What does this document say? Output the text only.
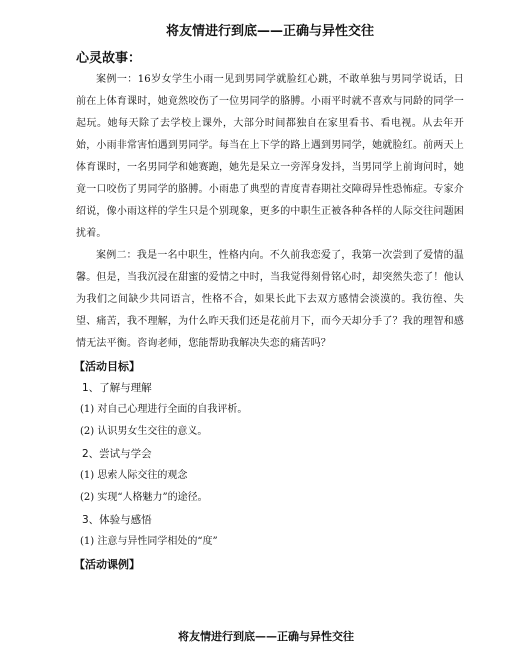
将友情进行到底——正确与异性交往
心灵故事：

案例一：16岁女学生小雨一见到男同学就脸红心跳，不敢单独与男同学说话，日前在上体育课时，她竟然咬伤了一位男同学的胳膊。小雨平时就不喜欢与同龄的同学一起玩。她每天除了去学校上课外，大部分时间都独自在家里看书、看电视。从去年开始，小雨非常害怕遇到男同学。每当在上下学的路上遇到男同学，她就脸红。前两天上体育课时，一名男同学和她赛跑，她先是呆立一旁浑身发抖，当男同学上前询问时，她竟一口咬伤了男同学的胳膊。小雨患了典型的青度青春期社交障碍异性恐怖症。专家介绍说，像小雨这样的学生只是个别现象，更多的中职生正被各种各样的人际交往问题困扰着。

案例二：我是一名中职生，性格内向。不久前我恋爱了，我第一次尝到了爱情的温馨。但是，当我沉浸在甜蜜的爱情之中时，当我觉得刻骨铭心时，却突然失恋了！他认为我们之间缺少共同语言，性格不合，如果长此下去双方感情会淡漠的。我彷徨、失望、痛苦，我不理解，为什么昨天我们还是花前月下，而今天却分手了？我的理智和感情无法平衡。咨询老师，您能帮助我解决失恋的痛苦吗？

【活动目标】
1、了解与理解
(1) 对自己心理进行全面的自我评析。
(2) 认识男女生交往的意义。
2、尝试与学会
(1) 思索人际交往的观念
(2) 实现“人格魅力”的途径。
3、体验与感悟
(1) 注意与异性同学相处的“度”
【活动课例】
将友情进行到底——正确与异性交往
